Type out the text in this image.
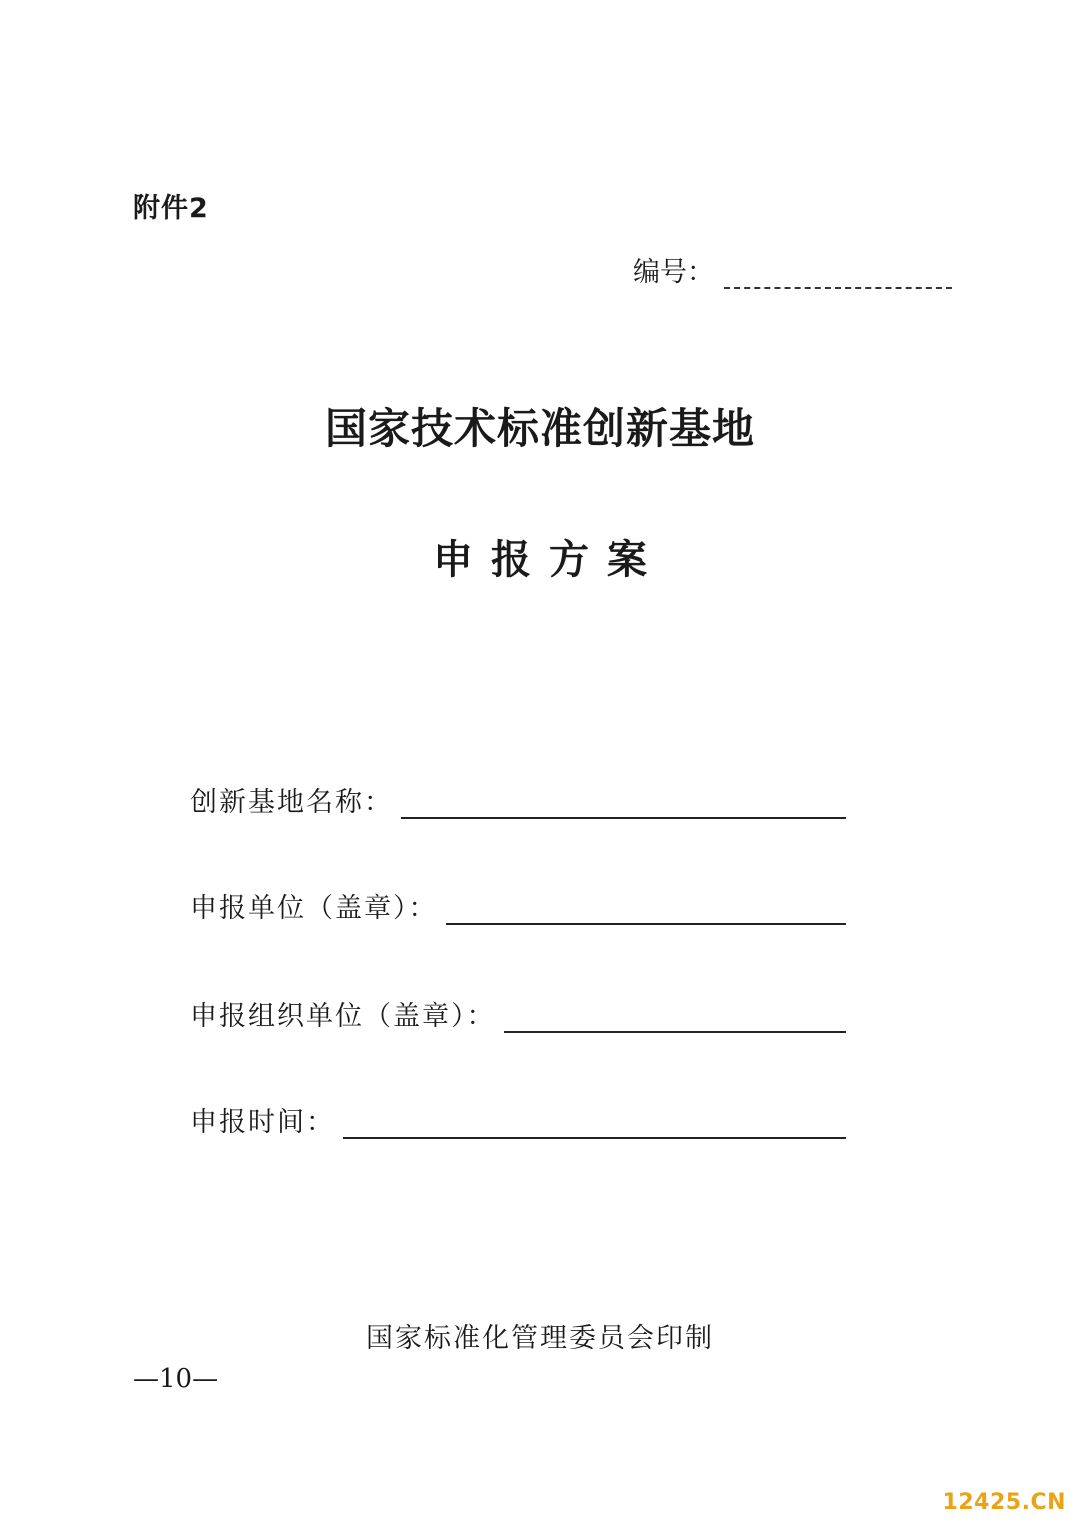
附件2
编号：
国家技术标准创新基地
申报方案
创新基地名称：
申报单位（盖章）：
申报组织单位（盖章）：
申报时间：
国家标准化管理委员会印制
—10—
12425.CN
